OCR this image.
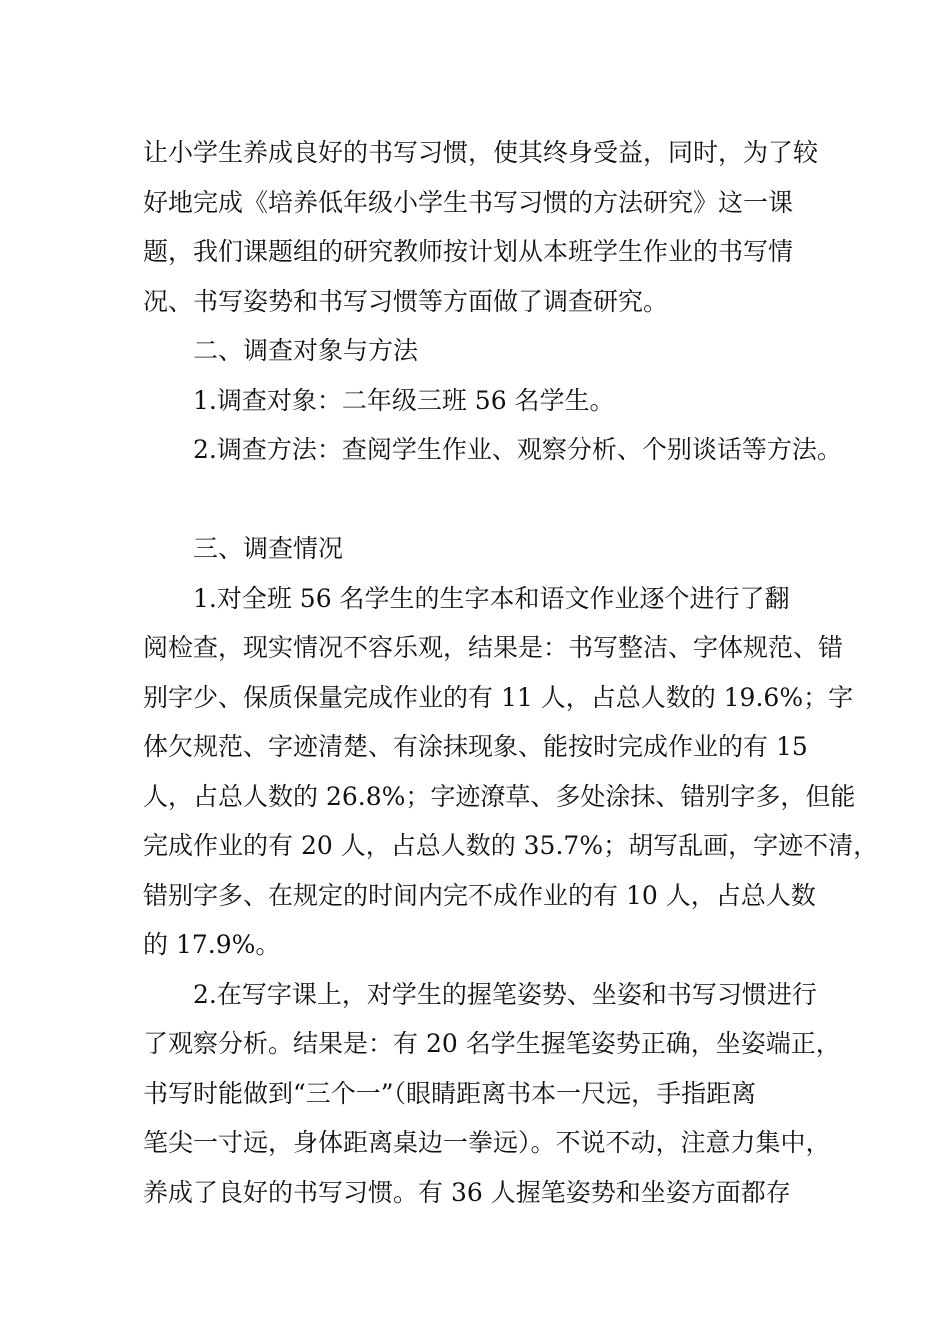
让小学生养成良好的书写习惯，使其终身受益，同时，为了较
好地完成《培养低年级小学生书写习惯的方法研究》这一课
题，我们课题组的研究教师按计划从本班学生作业的书写情
况、书写姿势和书写习惯等方面做了调查研究。
二、调查对象与方法
1.调查对象：二年级三班 56 名学生。
2.调查方法：查阅学生作业、观察分析、个别谈话等方法。
三、调查情况
1.对全班 56 名学生的生字本和语文作业逐个进行了翻
阅检查，现实情况不容乐观，结果是：书写整洁、字体规范、错
别字少、保质保量完成作业的有 11 人，占总人数的 19.6%；字
体欠规范、字迹清楚、有涂抹现象、能按时完成作业的有 15
人，占总人数的 26.8%；字迹潦草、多处涂抹、错别字多，但能
完成作业的有 20 人，占总人数的 35.7%；胡写乱画，字迹不清，
错别字多、在规定的时间内完不成作业的有 10 人，占总人数
的 17.9%。
2.在写字课上，对学生的握笔姿势、坐姿和书写习惯进行
了观察分析。结果是：有 20 名学生握笔姿势正确，坐姿端正，
书写时能做到“三个一”（眼睛距离书本一尺远，手指距离
笔尖一寸远，身体距离桌边一拳远）。不说不动，注意力集中，
养成了良好的书写习惯。有 36 人握笔姿势和坐姿方面都存
